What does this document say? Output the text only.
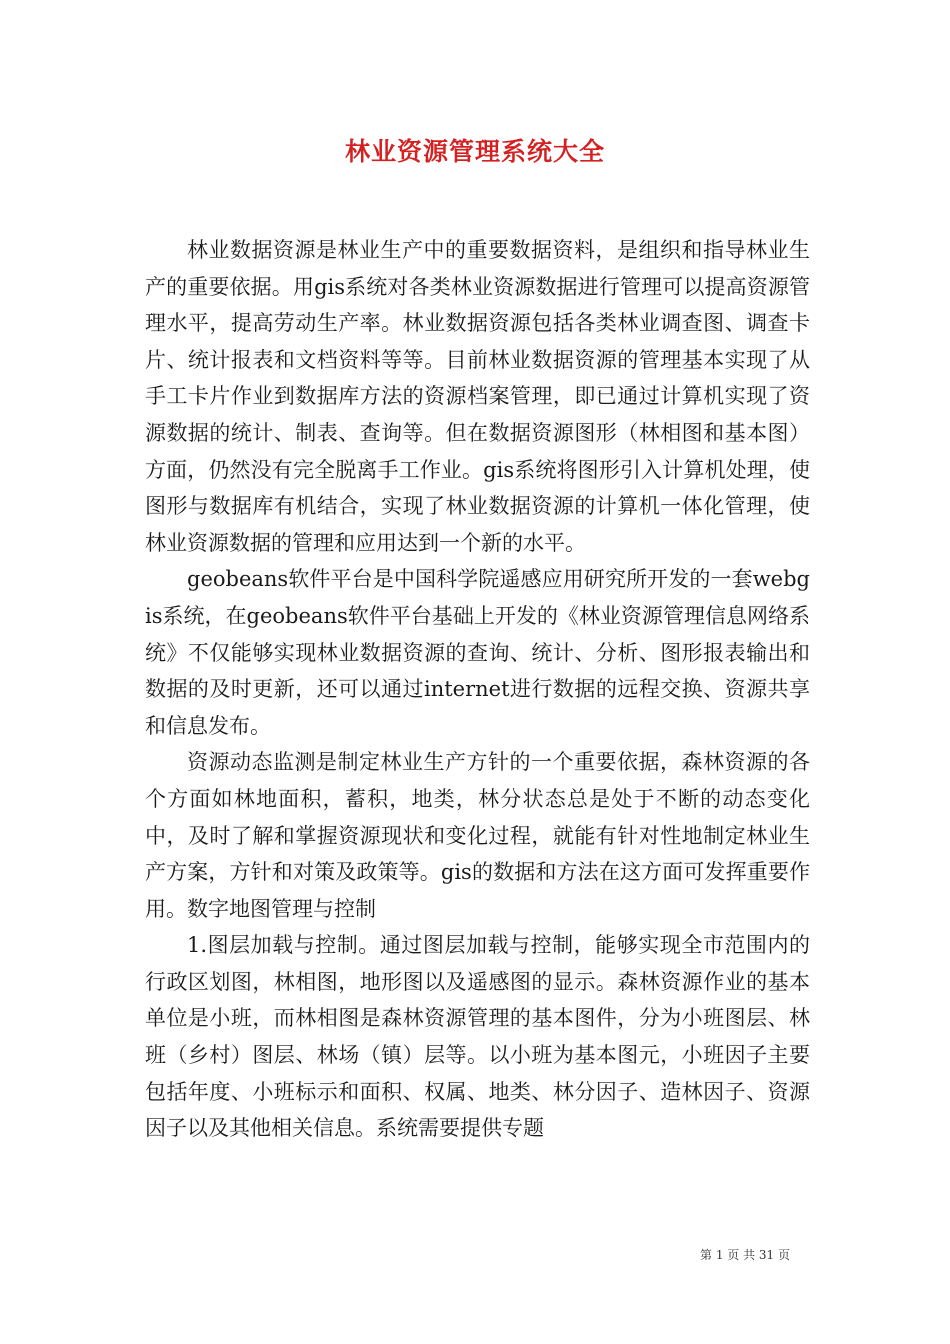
林业资源管理系统大全

林业数据资源是林业生产中的重要数据资料，是组织和指导林业生产的重要依据。用gis系统对各类林业资源数据进行管理可以提高资源管理水平，提高劳动生产率。林业数据资源包括各类林业调查图、调查卡片、统计报表和文档资料等等。目前林业数据资源的管理基本实现了从手工卡片作业到数据库方法的资源档案管理，即已通过计算机实现了资源数据的统计、制表、查询等。但在数据资源图形（林相图和基本图）方面，仍然没有完全脱离手工作业。gis系统将图形引入计算机处理，使图形与数据库有机结合，实现了林业数据资源的计算机一体化管理，使林业资源数据的管理和应用达到一个新的水平。

geobeans软件平台是中国科学院遥感应用研究所开发的一套webgis系统，在geobeans软件平台基础上开发的《林业资源管理信息网络系统》不仅能够实现林业数据资源的查询、统计、分析、图形报表输出和数据的及时更新，还可以通过internet进行数据的远程交换、资源共享和信息发布。

资源动态监测是制定林业生产方针的一个重要依据，森林资源的各个方面如林地面积，蓄积，地类，林分状态总是处于不断的动态变化中，及时了解和掌握资源现状和变化过程，就能有针对性地制定林业生产方案，方针和对策及政策等。gis的数据和方法在这方面可发挥重要作用。数字地图管理与控制

1.图层加载与控制。通过图层加载与控制，能够实现全市范围内的行政区划图，林相图，地形图以及遥感图的显示。森林资源作业的基本单位是小班，而林相图是森林资源管理的基本图件，分为小班图层、林班（乡村）图层、林场（镇）层等。以小班为基本图元，小班因子主要包括年度、小班标示和面积、权属、地类、林分因子、造林因子、资源因子以及其他相关信息。系统需要提供专题

第 1 页 共 31 页
